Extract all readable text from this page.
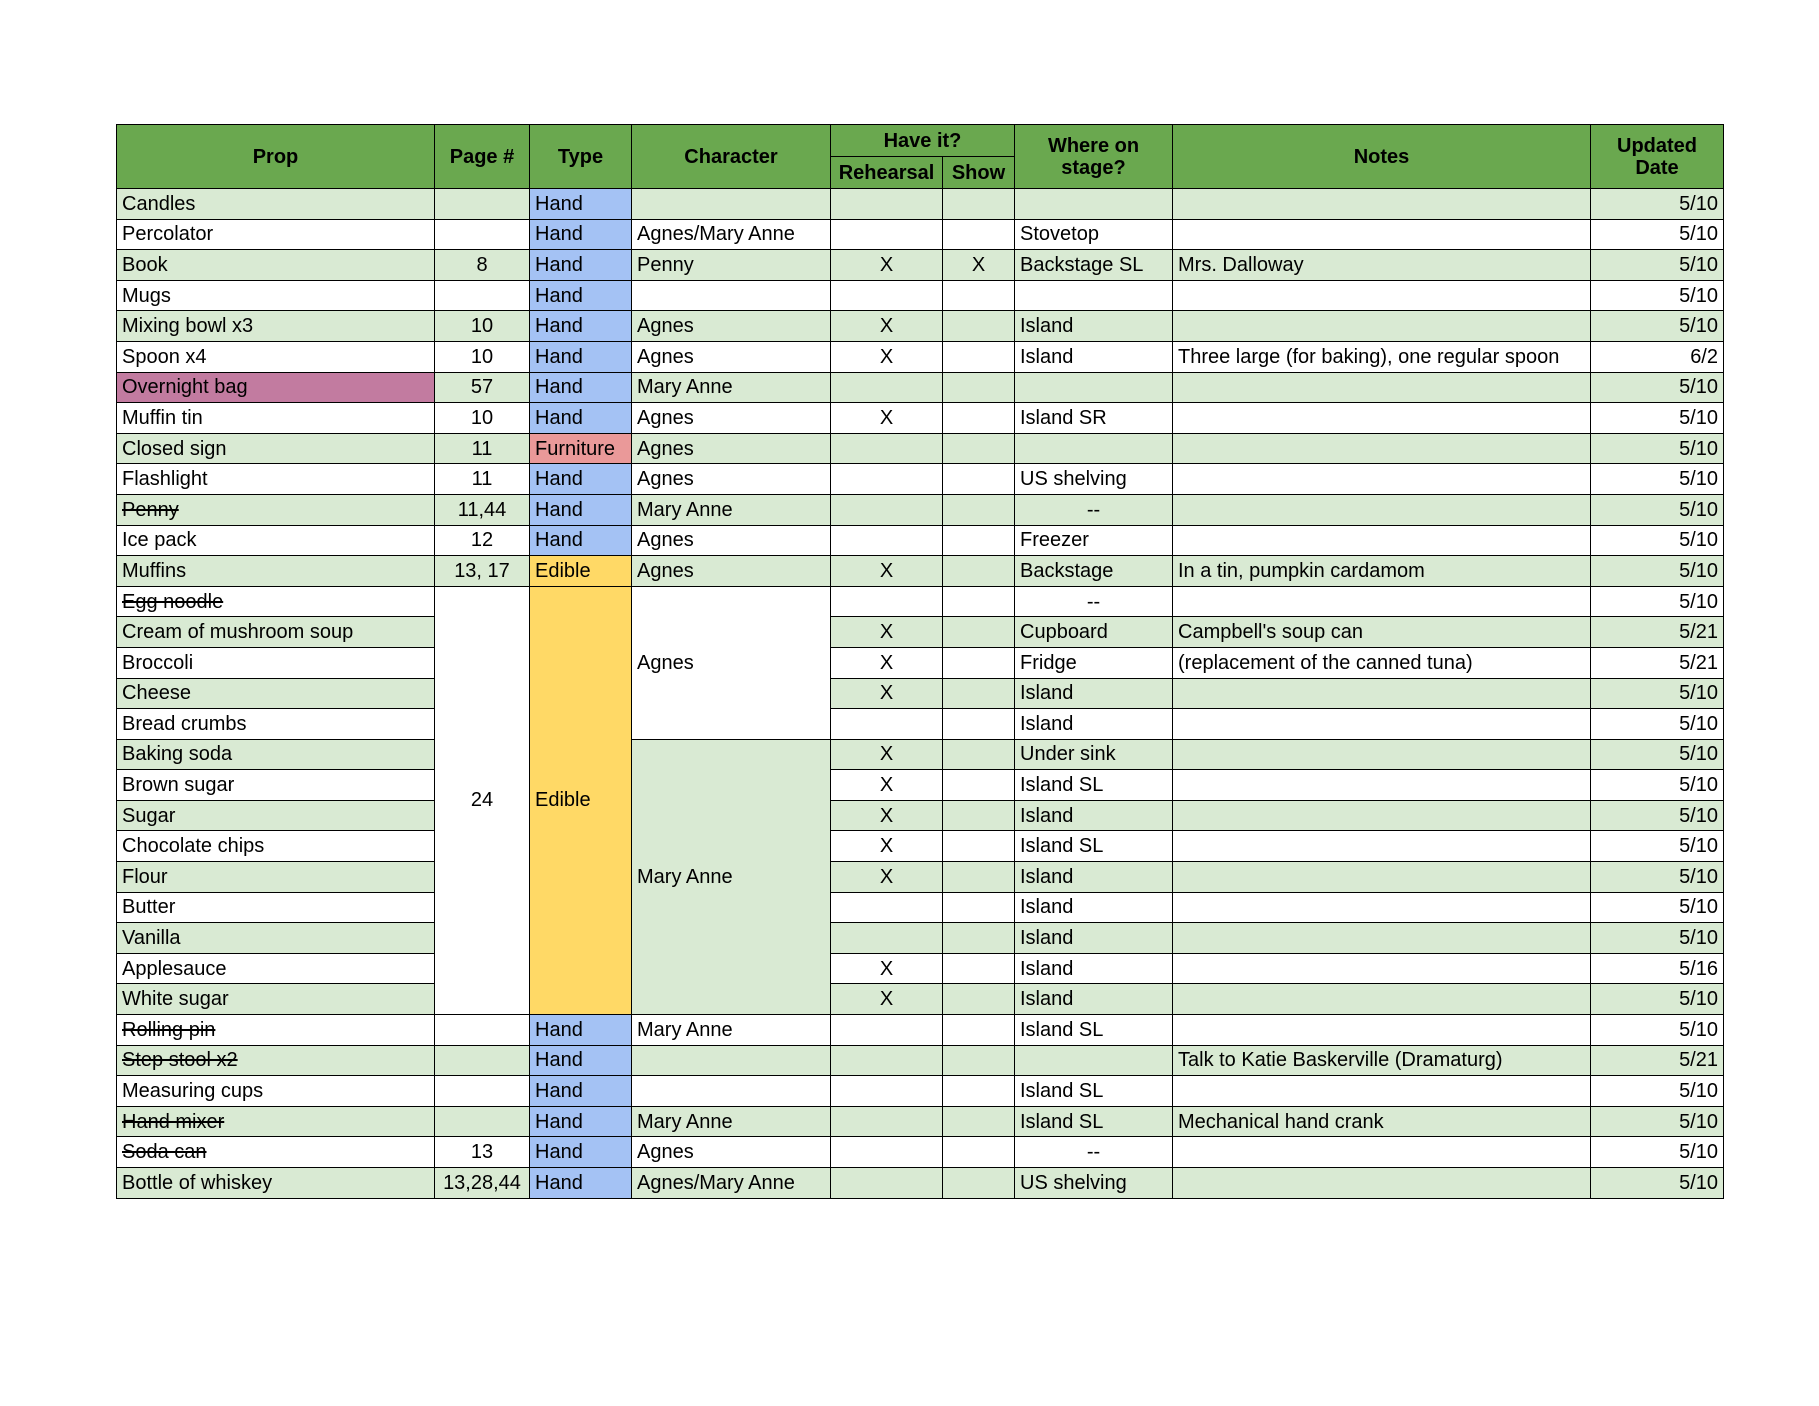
Prop	Page #	Type	Character	Have it?		Where on stage?	Notes	Updated Date
				Rehearsal	Show			
Candles		Hand						5/10
Percolator		Hand	Agnes/Mary Anne			Stovetop		5/10
Book	8	Hand	Penny	X	X	Backstage SL	Mrs. Dalloway	5/10
Mugs		Hand						5/10
Mixing bowl x3	10	Hand	Agnes	X		Island		5/10
Spoon x4	10	Hand	Agnes	X		Island	Three large (for baking), one regular spoon	6/2
Overnight bag	57	Hand	Mary Anne					5/10
Muffin tin	10	Hand	Agnes	X		Island SR		5/10
Closed sign	11	Furniture	Agnes					5/10
Flashlight	11	Hand	Agnes			US shelving		5/10
Penny	11,44	Hand	Mary Anne			--		5/10
Ice pack	12	Hand	Agnes			Freezer		5/10
Muffins	13, 17	Edible	Agnes	X		Backstage	In a tin, pumpkin cardamom	5/10
Egg noodle	24	Edible	Agnes			--		5/10
Cream of mushroom soup				X		Cupboard	Campbell's soup can	5/21
Broccoli				X		Fridge	(replacement of the canned tuna)	5/21
Cheese				X		Island		5/10
Bread crumbs						Island		5/10
Baking soda			Mary Anne	X		Under sink		5/10
Brown sugar				X		Island SL		5/10
Sugar				X		Island		5/10
Chocolate chips				X		Island SL		5/10
Flour				X		Island		5/10
Butter						Island		5/10
Vanilla						Island		5/10
Applesauce				X		Island		5/16
White sugar				X		Island		5/10
Rolling pin		Hand	Mary Anne			Island SL		5/10
Step stool x2		Hand					Talk to Katie Baskerville (Dramaturg)	5/21
Measuring cups		Hand				Island SL		5/10
Hand mixer		Hand	Mary Anne			Island SL	Mechanical hand crank	5/10
Soda can	13	Hand	Agnes			--		5/10
Bottle of whiskey	13,28,44	Hand	Agnes/Mary Anne			US shelving		5/10
